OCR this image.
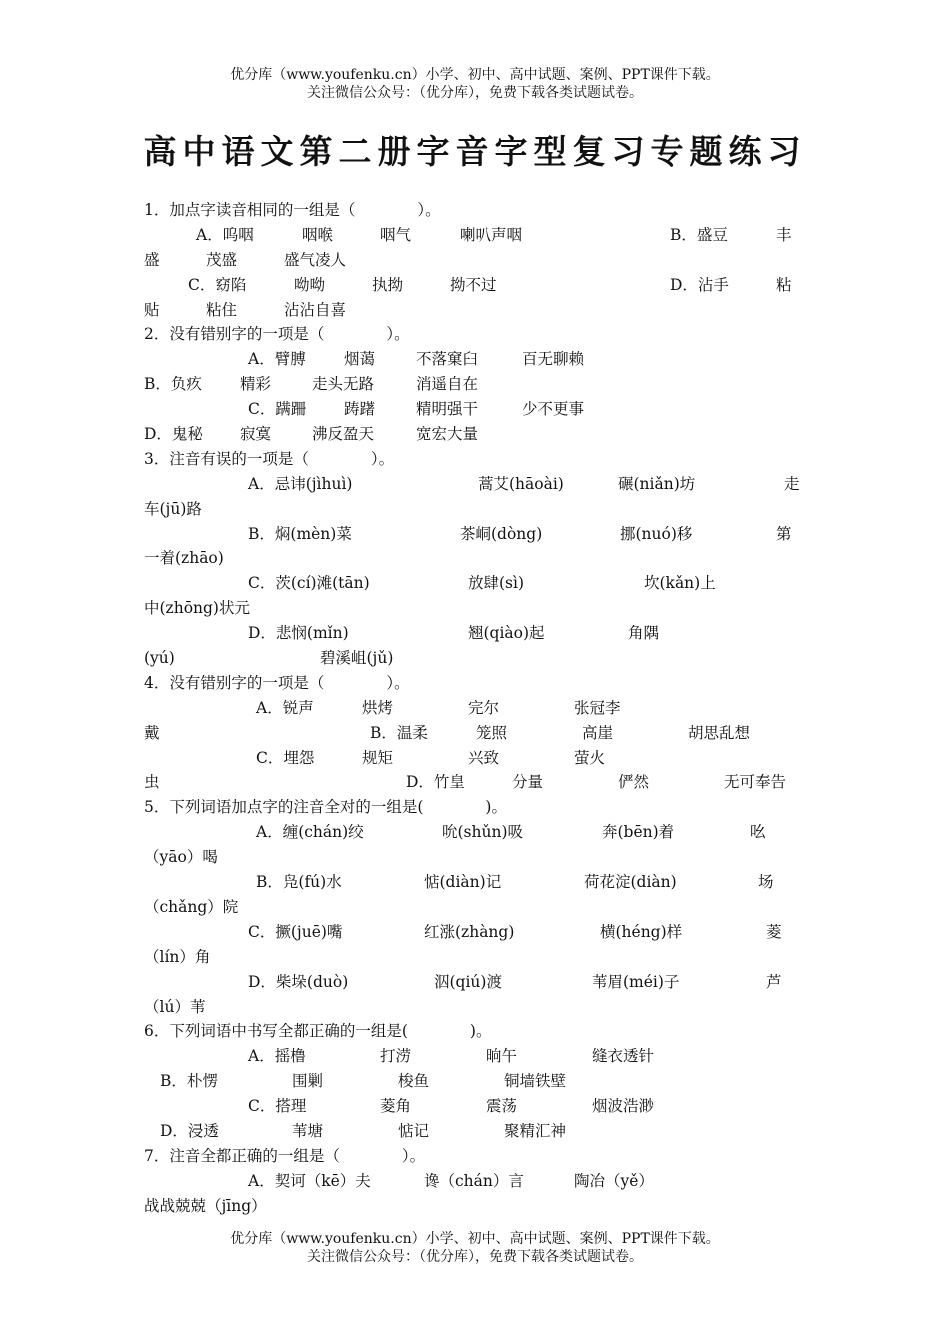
优分库（www.youfenku.cn）小学、初中、高中试题、案例、PPT课件下载。
关注微信公众号：（优分库），免费下载各类试题试卷。
高中语文第二册字音字型复习专题练习
1．加点字读音相同的一组是（　　　　）。
A．呜咽	咽喉	咽气	喇叭声咽	B．盛豆	丰
盛	茂盛	盛气凌人
C．窈陷	呦呦	执拗	拗不过	D．沾手	粘
贴	粘住	沾沾自喜
2．没有错别字的一项是（　　　　）。
A．臂膊 烟蔼	不落窠臼	百无聊赖
B．负疚 精彩	走头无路	消遥自在
C．蹒跚 踌躇	精明强干	少不更事
D．鬼秘 寂寞	沸反盈天	宽宏大量
3．注音有误的一项是（　　　　）。
A．忌讳(jìhuì)	蒿艾(hāoài)	碾(niǎn)坊	走
车(jū)路
B．焖(mèn)菜	茶峒(dòng)	挪(nuó)移	第
一着(zhāo)
C．茨(cí)滩(tān)	放肆(sì)	坎(kǎn)上
中(zhōng)状元
D．悲悯(mǐn)	翘(qiào)起	角隅
(yú)	碧溪岨(jǔ)
4．没有错别字的一项是（　　　　）。
A．锐声	烘烤	完尔	张冠李
戴	B．温柔	笼照	高崖	胡思乱想
C．埋怨	规矩	兴致	萤火
虫	D．竹皇	分量	俨然	无可奉告
5．下列词语加点字的注音全对的一组是(　　　　)。
A．缠(chán)绞	吮(shǔn)吸	奔(bēn)着	吆
（yāo）喝
B．凫(fú)水	惦(diàn)记	荷花淀(diàn)	场
（chǎng）院
C．撅(juē)嘴	红涨(zhàng)	横(héng)样	菱
（lín）角
D．柴垛(duò)	泅(qiú)渡	苇眉(méi)子	芦
（lú）苇
6．下列词语中书写全都正确的一组是(　　　　)。
A．摇橹	打涝	晌午	缝衣透针
B．朴愣	围剿	梭鱼	铜墙铁壁
C．搭理	菱角	震荡	烟波浩渺
D．浸透	苇塘	惦记	聚精汇神
7．注音全都正确的一组是（　　　　）。
A．契诃（kē）夫	谗（chán）言	陶冶（yě）
战战兢兢（jīng）
优分库（www.youfenku.cn）小学、初中、高中试题、案例、PPT课件下载。
关注微信公众号：（优分库），免费下载各类试题试卷。
